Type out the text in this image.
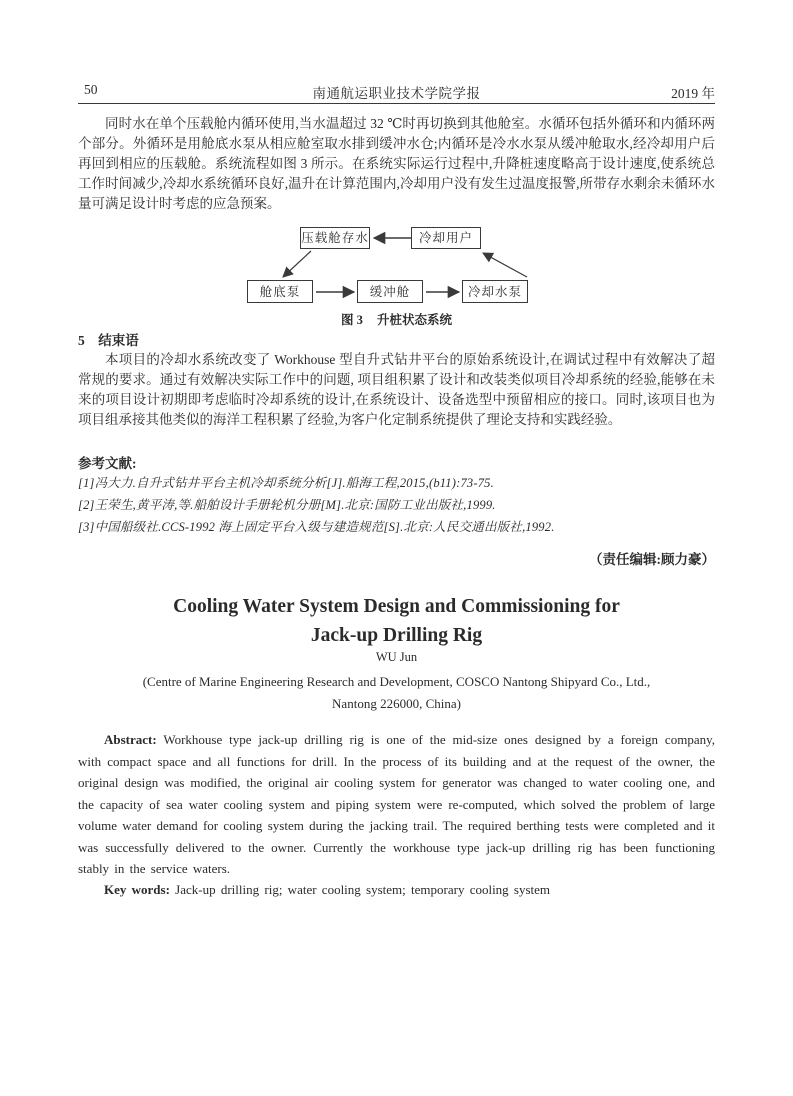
50	南通航运职业技术学院学报	2019 年

同时水在单个压载舱内循环使用,当水温超过 32 ℃时再切换到其他舱室。水循环包括外循环和内循环两个部分。外循环是用舱底水泵从相应舱室取水排到缓冲水仓;内循环是冷水水泵从缓冲舱取水,经冷却用户后再回到相应的压载舱。系统流程如图 3 所示。在系统实际运行过程中,升降桩速度略高于设计速度,使系统总工作时间减少,冷却水系统循环良好,温升在计算范围内,冷却用户没有发生过温度报警,所带存水剩余未循环水量可满足设计时考虑的应急预案。

压载舱存水	冷却用户
舱底泵	缓冲舱	冷却水泵

图 3 升桩状态系统

5　结束语

本项目的冷却水系统改变了 Workhouse 型自升式钻井平台的原始系统设计,在调试过程中有效解决了超常规的要求。通过有效解决实际工作中的问题, 项目组积累了设计和改装类似项目冷却系统的经验,能够在未来的项目设计初期即考虑临时冷却系统的设计,在系统设计、设备选型中预留相应的接口。同时,该项目也为项目组承接其他类似的海洋工程积累了经验,为客户化定制系统提供了理论支持和实践经验。

参考文献:
[1]冯大力.自升式钻井平台主机冷却系统分析[J].船海工程,2015,(b11):73-75.
[2]王荣生,黄平涛,等.船舶设计手册轮机分册[M].北京:国防工业出版社,1999.
[3]中国船级社.CCS-1992 海上固定平台入级与建造规范[S].北京:人民交通出版社,1992.

（责任编辑:顾力豪）

Cooling Water System Design and Commissioning for
Jack-up Drilling Rig

WU Jun

(Centre of Marine Engineering Research and Development, COSCO Nantong Shipyard Co., Ltd.,
Nantong 226000, China)

Abstract: Workhouse type jack-up drilling rig is one of the mid-size ones designed by a foreign company, with compact space and all functions for drill. In the process of its building and at the request of the owner, the original design was modified, the original air cooling system for generator was changed to water cooling one, and the capacity of sea water cooling system and piping system were re-computed, which solved the problem of large volume water demand for cooling system during the jacking trail. The required berthing tests were completed and it was successfully delivered to the owner. Currently the workhouse type jack-up drilling rig has been functioning stably in the service waters.

Key words: Jack-up drilling rig; water cooling system; temporary cooling system
